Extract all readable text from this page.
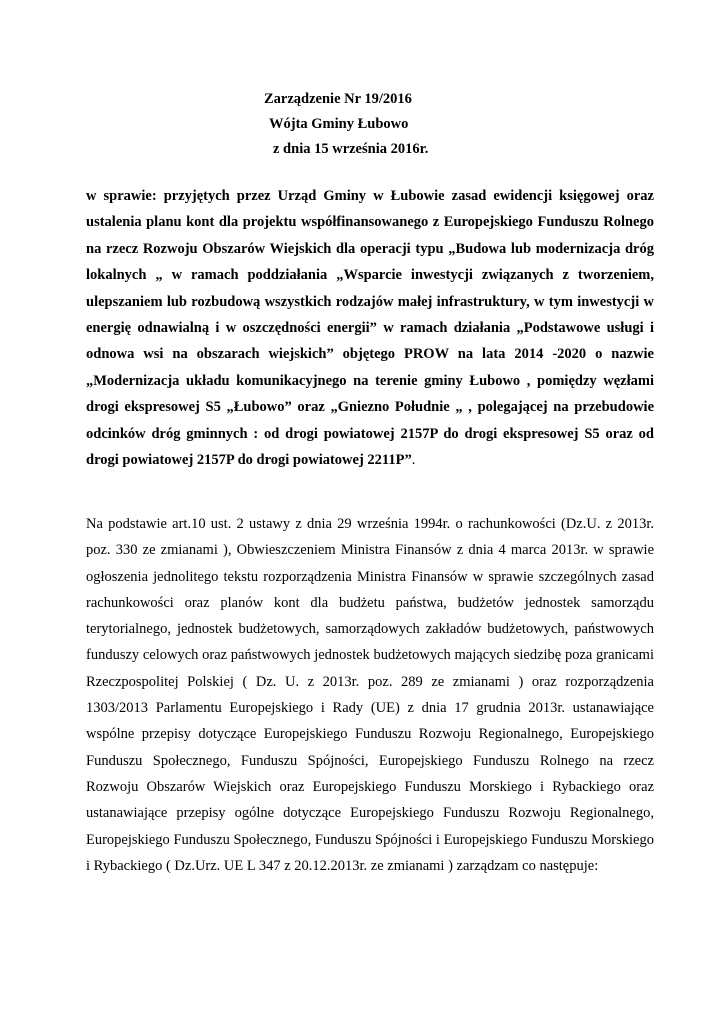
Zarządzenie Nr 19/2016
Wójta Gminy Łubowo
z dnia 15 września 2016r.
w sprawie: przyjętych przez Urząd Gminy w Łubowie zasad ewidencji księgowej oraz ustalenia planu kont dla projektu współfinansowanego z Europejskiego Funduszu Rolnego na rzecz Rozwoju Obszarów Wiejskich dla operacji typu „Budowa lub modernizacja dróg lokalnych „ w ramach poddziałania „Wsparcie inwestycji związanych z tworzeniem, ulepszaniem lub rozbudową wszystkich rodzajów małej infrastruktury, w tym inwestycji w energię odnawialną i w oszczędności energii” w ramach działania „Podstawowe usługi i odnowa wsi na obszarach wiejskich” objętego PROW na lata 2014 -2020 o nazwie „Modernizacja układu komunikacyjnego na terenie gminy Łubowo , pomiędzy węzłami drogi ekspresowej S5 „Łubowo” oraz „Gniezno Południe „ , polegającej na przebudowie odcinków dróg gminnych : od drogi powiatowej 2157P do drogi ekspresowej S5 oraz od drogi powiatowej 2157P do drogi powiatowej 2211P”.
Na podstawie art.10 ust. 2 ustawy z dnia 29 września 1994r. o rachunkowości (Dz.U. z 2013r. poz. 330 ze zmianami ), Obwieszczeniem Ministra Finansów z dnia 4 marca 2013r. w sprawie ogłoszenia jednolitego tekstu rozporządzenia Ministra Finansów w sprawie szczególnych zasad rachunkowości oraz planów kont dla budżetu państwa, budżetów jednostek samorządu terytorialnego, jednostek budżetowych, samorządowych zakładów budżetowych, państwowych funduszy celowych oraz państwowych jednostek budżetowych mających siedzibę poza granicami Rzeczpospolitej Polskiej ( Dz. U. z 2013r. poz. 289 ze zmianami ) oraz rozporządzenia 1303/2013 Parlamentu Europejskiego i Rady (UE) z dnia 17 grudnia 2013r. ustanawiające wspólne przepisy dotyczące Europejskiego Funduszu Rozwoju Regionalnego, Europejskiego Funduszu Społecznego, Funduszu Spójności, Europejskiego Funduszu Rolnego na rzecz Rozwoju Obszarów Wiejskich oraz Europejskiego Funduszu Morskiego i Rybackiego oraz ustanawiające przepisy ogólne dotyczące Europejskiego Funduszu Rozwoju Regionalnego, Europejskiego Funduszu Społecznego, Funduszu Spójności i Europejskiego Funduszu Morskiego i Rybackiego ( Dz.Urz. UE L 347 z 20.12.2013r. ze zmianami ) zarządzam co następuje:
